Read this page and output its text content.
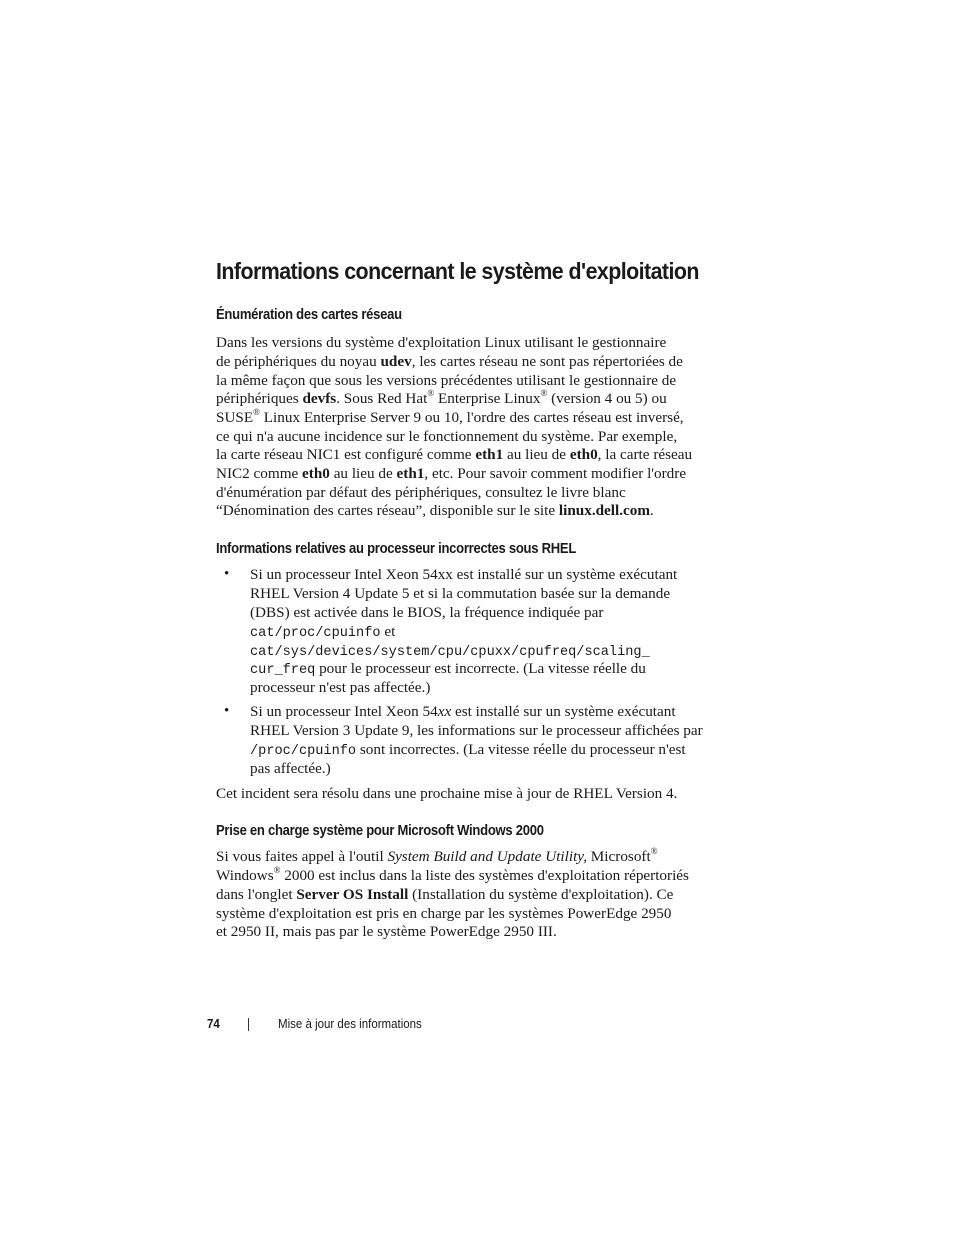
Informations concernant le système d'exploitation
Énumération des cartes réseau
Dans les versions du système d'exploitation Linux utilisant le gestionnaire
de périphériques du noyau udev, les cartes réseau ne sont pas répertoriées de
la même façon que sous les versions précédentes utilisant le gestionnaire de
périphériques devfs. Sous Red Hat® Enterprise Linux® (version 4 ou 5) ou
SUSE® Linux Enterprise Server 9 ou 10, l'ordre des cartes réseau est inversé,
ce qui n'a aucune incidence sur le fonctionnement du système. Par exemple,
la carte réseau NIC1 est configuré comme eth1 au lieu de eth0, la carte réseau
NIC2 comme eth0 au lieu de eth1, etc. Pour savoir comment modifier l'ordre
d'énumération par défaut des périphériques, consultez le livre blanc
“Dénomination des cartes réseau”, disponible sur le site linux.dell.com.
Informations relatives au processeur incorrectes sous RHEL
• Si un processeur Intel Xeon 54xx est installé sur un système exécutant
RHEL Version 4 Update 5 et si la commutation basée sur la demande
(DBS) est activée dans le BIOS, la fréquence indiquée par
cat/proc/cpuinfo et
cat/sys/devices/system/cpu/cpuxx/cpufreq/scaling_
cur_freq pour le processeur est incorrecte. (La vitesse réelle du
processeur n'est pas affectée.)
• Si un processeur Intel Xeon 54xx est installé sur un système exécutant
RHEL Version 3 Update 9, les informations sur le processeur affichées par
/proc/cpuinfo sont incorrectes. (La vitesse réelle du processeur n'est
pas affectée.)
Cet incident sera résolu dans une prochaine mise à jour de RHEL Version 4.
Prise en charge système pour Microsoft Windows 2000
Si vous faites appel à l'outil System Build and Update Utility, Microsoft®
Windows® 2000 est inclus dans la liste des systèmes d'exploitation répertoriés
dans l'onglet Server OS Install (Installation du système d'exploitation). Ce
système d'exploitation est pris en charge par les systèmes PowerEdge 2950
et 2950 II, mais pas par le système PowerEdge 2950 III.
74	Mise à jour des informations
